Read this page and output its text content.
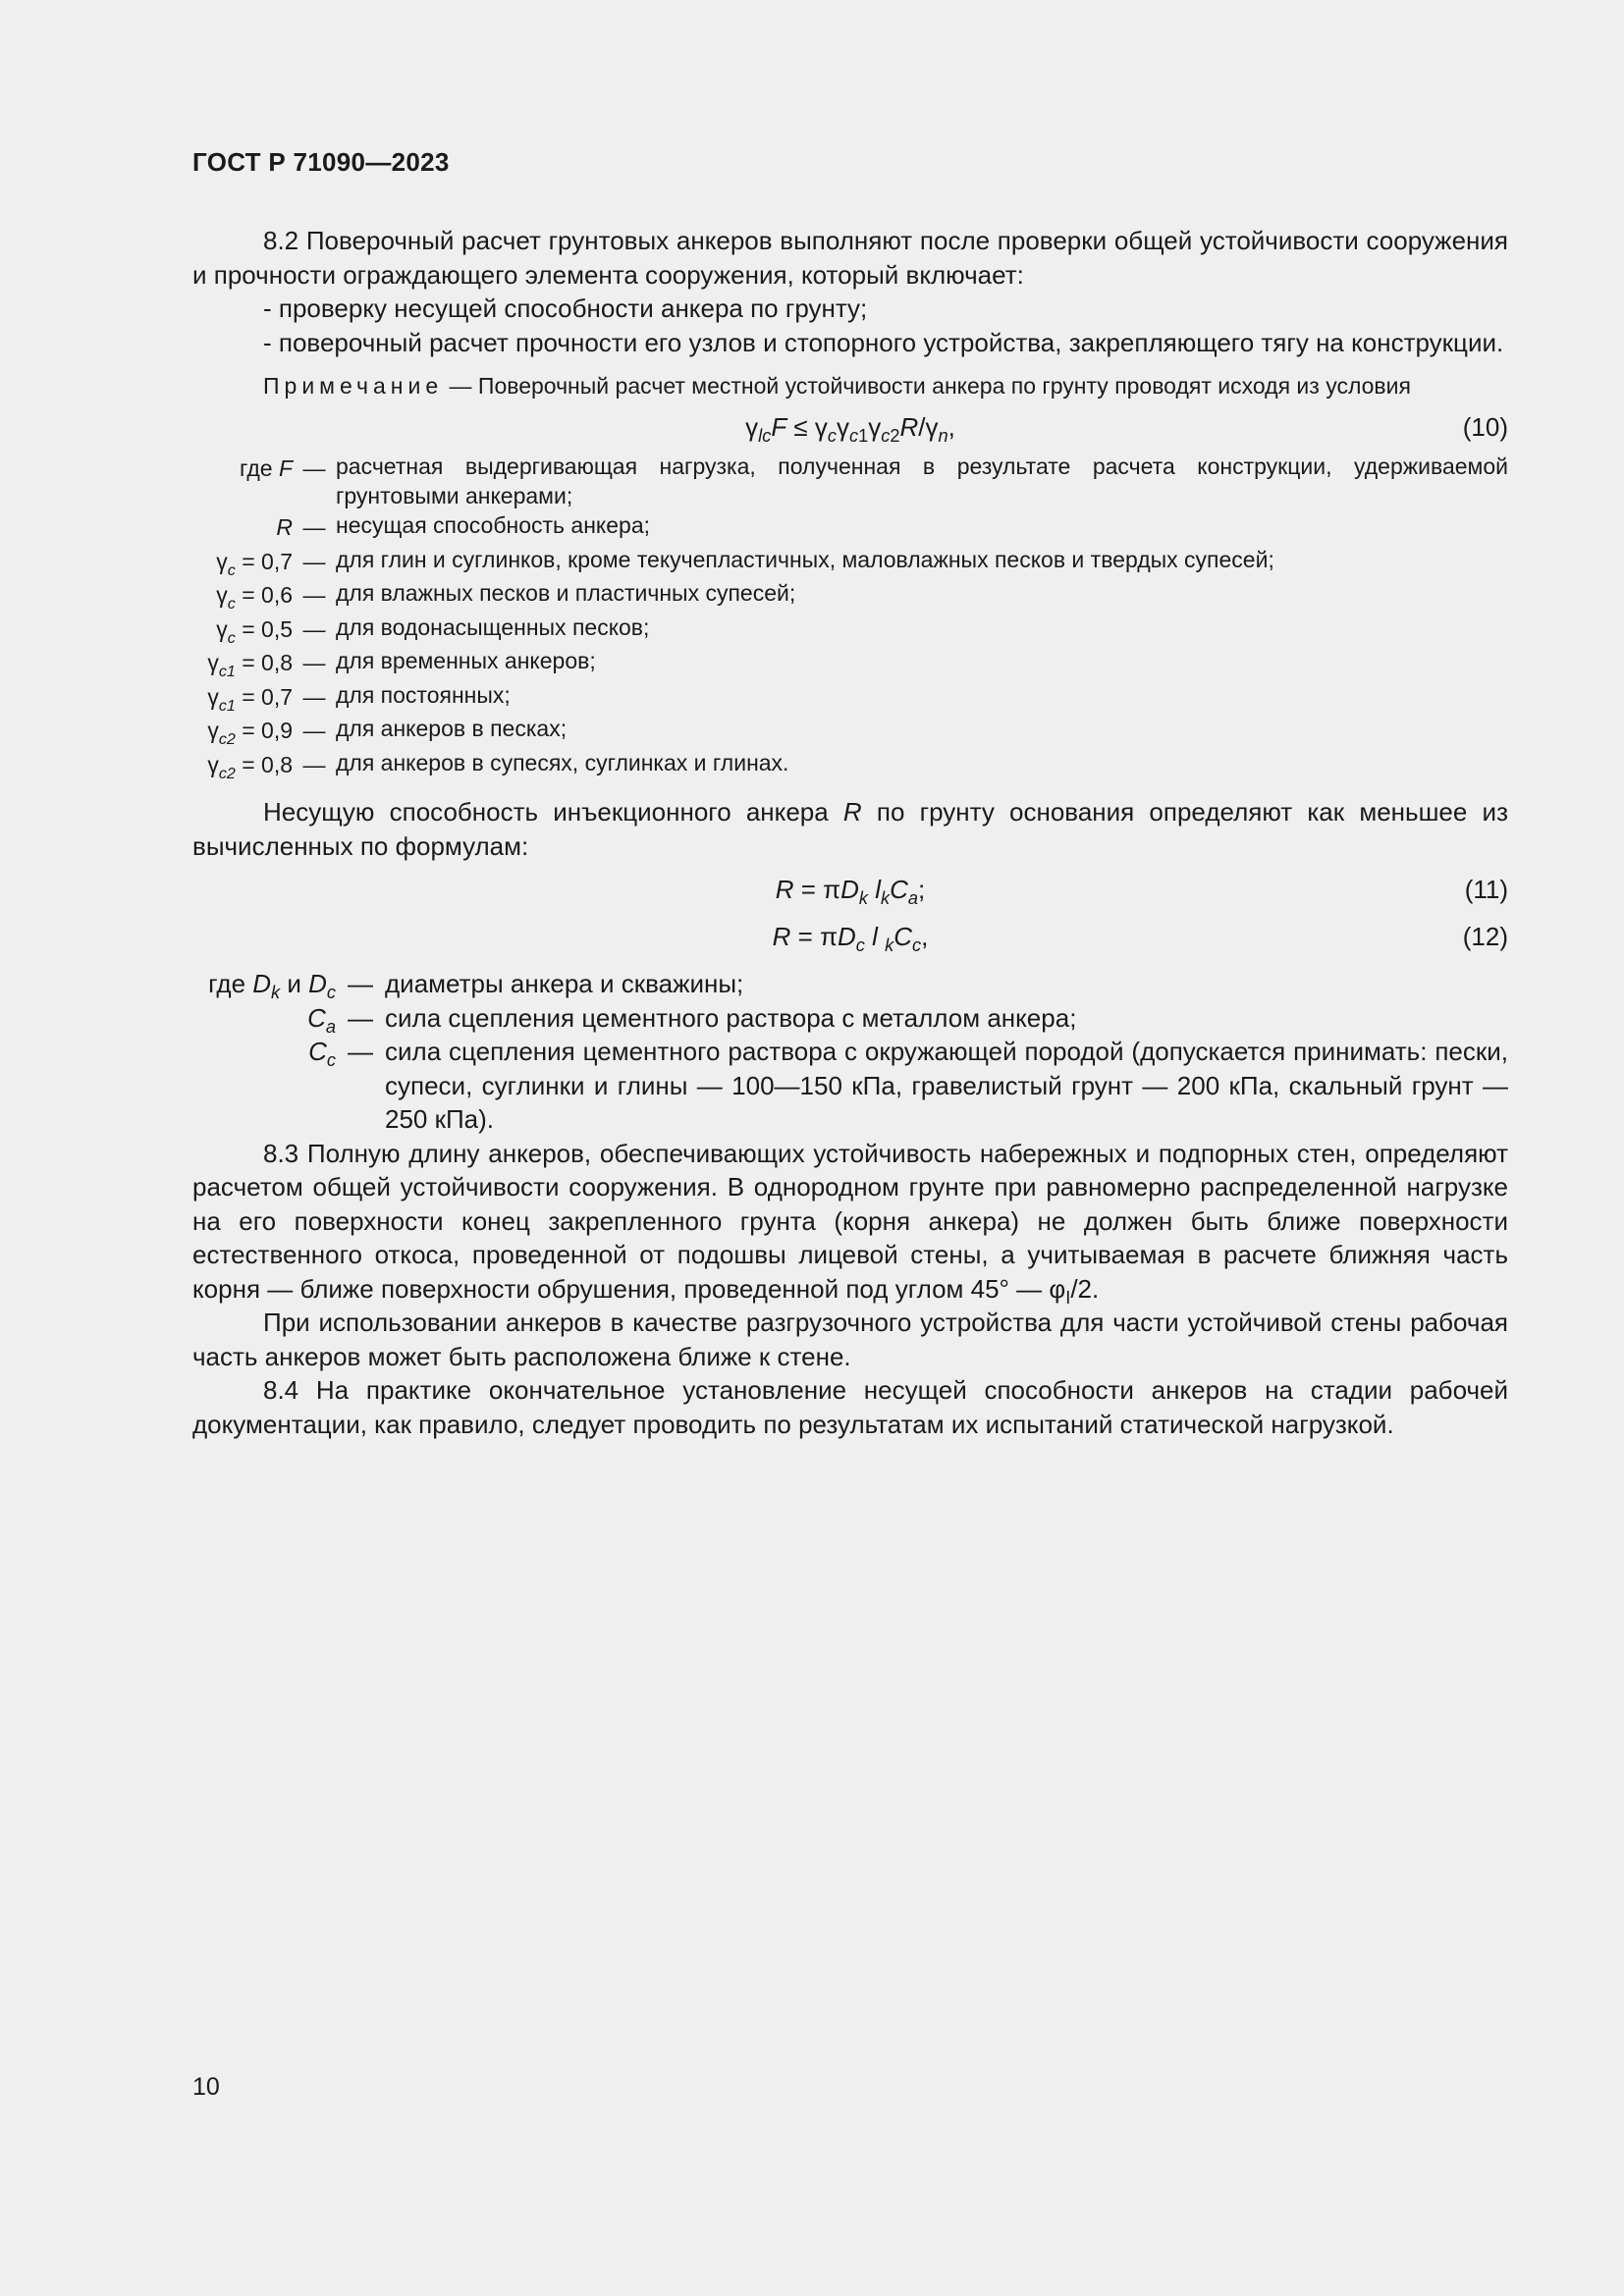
ГОСТ Р 71090—2023

8.2 Поверочный расчет грунтовых анкеров выполняют после проверки общей устойчивости сооружения и прочности ограждающего элемента сооружения, который включает:

- проверку несущей способности анкера по грунту;

- поверочный расчет прочности его узлов и стопорного устройства, закрепляющего тягу на конструкции.

Примечание — Поверочный расчет местной устойчивости анкера по грунту проводят исходя из условия

$\gamma_{lc}F \le \gamma_c\gamma_{c1}\gamma_{c2}R/\gamma_n$,	(10)
где F — расчетная выдергивающая нагрузка, полученная в результате расчета конструкции, удерживаемой грунтовыми анкерами;
R — несущая способность анкера;
$\gamma_c = 0,7$ — для глин и суглинков, кроме текучепластичных, маловлажных песков и твердых супесей;
$\gamma_c = 0,6$ — для влажных песков и пластичных супесей;
$\gamma_c = 0,5$ — для водонасыщенных песков;
$\gamma_{c1} = 0,8$ — для временных анкеров;
$\gamma_{c1} = 0,7$ — для постоянных;
$\gamma_{c2} = 0,9$ — для анкеров в песках;
$\gamma_{c2} = 0,8$ — для анкеров в супесях, суглинках и глинах.

Несущую способность инъекционного анкера R по грунту основания определяют как меньшее из вычисленных по формулам:

$R = \pi D_k$ $l_kC_a$;	(11)
$R = \pi D_c$ l $_kC_c$,	(12)
где $D_k$ и $D_c$ — диаметры анкера и скважины;
$C_a$ — сила сцепления цементного раствора с металлом анкера;
$C_c$ — сила сцепления цементного раствора с окружающей породой (допускается принимать: пески, супеси, суглинки и глины — 100—150 кПа, гравелистый грунт — 200 кПа, скальный грунт — 250 кПа).

8.3 Полную длину анкеров, обеспечивающих устойчивость набережных и подпорных стен, определяют расчетом общей устойчивости сооружения. В однородном грунте при равномерно распределенной нагрузке на его поверхности конец закрепленного грунта (корня анкера) не должен быть ближе поверхности естественного откоса, проведенной от подошвы лицевой стены, а учитываемая в расчете ближняя часть корня — ближе поверхности обрушения, проведенной под углом 45° — $\varphi_I/2$.

При использовании анкеров в качестве разгрузочного устройства для части устойчивой стены рабочая часть анкеров может быть расположена ближе к стене.

8.4 На практике окончательное установление несущей способности анкеров на стадии рабочей документации, как правило, следует проводить по результатам их испытаний статической нагрузкой.

10
